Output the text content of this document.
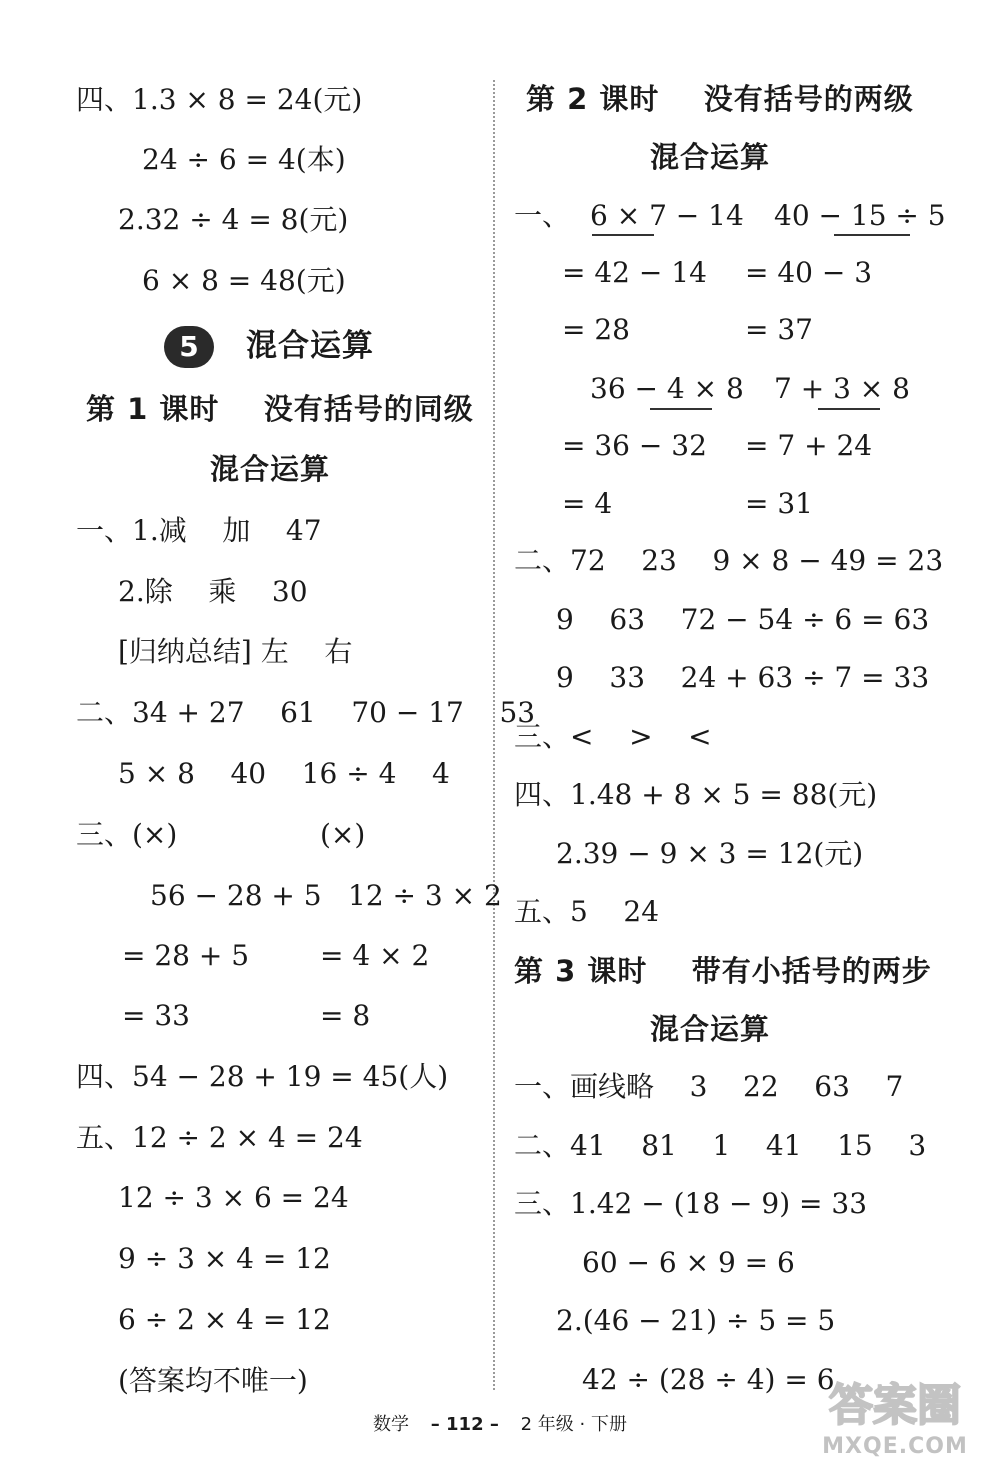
四、1.3 × 8 = 24(元)
24 ÷ 6 = 4(本)
2.32 ÷ 4 = 8(元)
6 × 8 = 48(元)
5	混合运算
第 1 课时    没有括号的同级
混合运算
一、1.减    加    47
2.除    乘    30
[归纳总结] 左    右
二、34 + 27    61    70 − 17    53
5 × 8    40    16 ÷ 4    4
三、(×)	(×)
56 − 28 + 5 12 ÷ 3 × 2
= 28 + 5	= 4 × 2
= 33	= 8
四、54 − 28 + 19 = 45(人)
五、12 ÷ 2 × 4 = 24
12 ÷ 3 × 6 = 24
9 ÷ 3 × 4 = 12
6 ÷ 2 × 4 = 12
(答案均不唯一)
第 2 课时    没有括号的两级
混合运算
一、 6 × 7 − 14 40 − 15 ÷ 5
= 42 − 14 = 40 − 3
= 28	= 37
36 − 4 × 8 7 + 3 × 8
= 36 − 32 = 7 + 24
= 4	= 31
二、72    23    9 × 8 − 49 = 23
9    63    72 − 54 ÷ 6 = 63
9    33    24 + 63 ÷ 7 = 33
三、<    >    <
四、1.48 + 8 × 5 = 88(元)
2.39 − 9 × 3 = 12(元)
五、5    24
第 3 课时    带有小括号的两步
混合运算
一、画线略    3    22    63    7
二、41    81    1    41    15    3
三、1.42 − (18 − 9) = 33
60 − 6 × 9 = 6
2.(46 − 21) ÷ 5 = 5
42 ÷ (28 ÷ 4) = 6
数学 – 112 – 2 年级 · 下册	答案圈
MXQE.COM
